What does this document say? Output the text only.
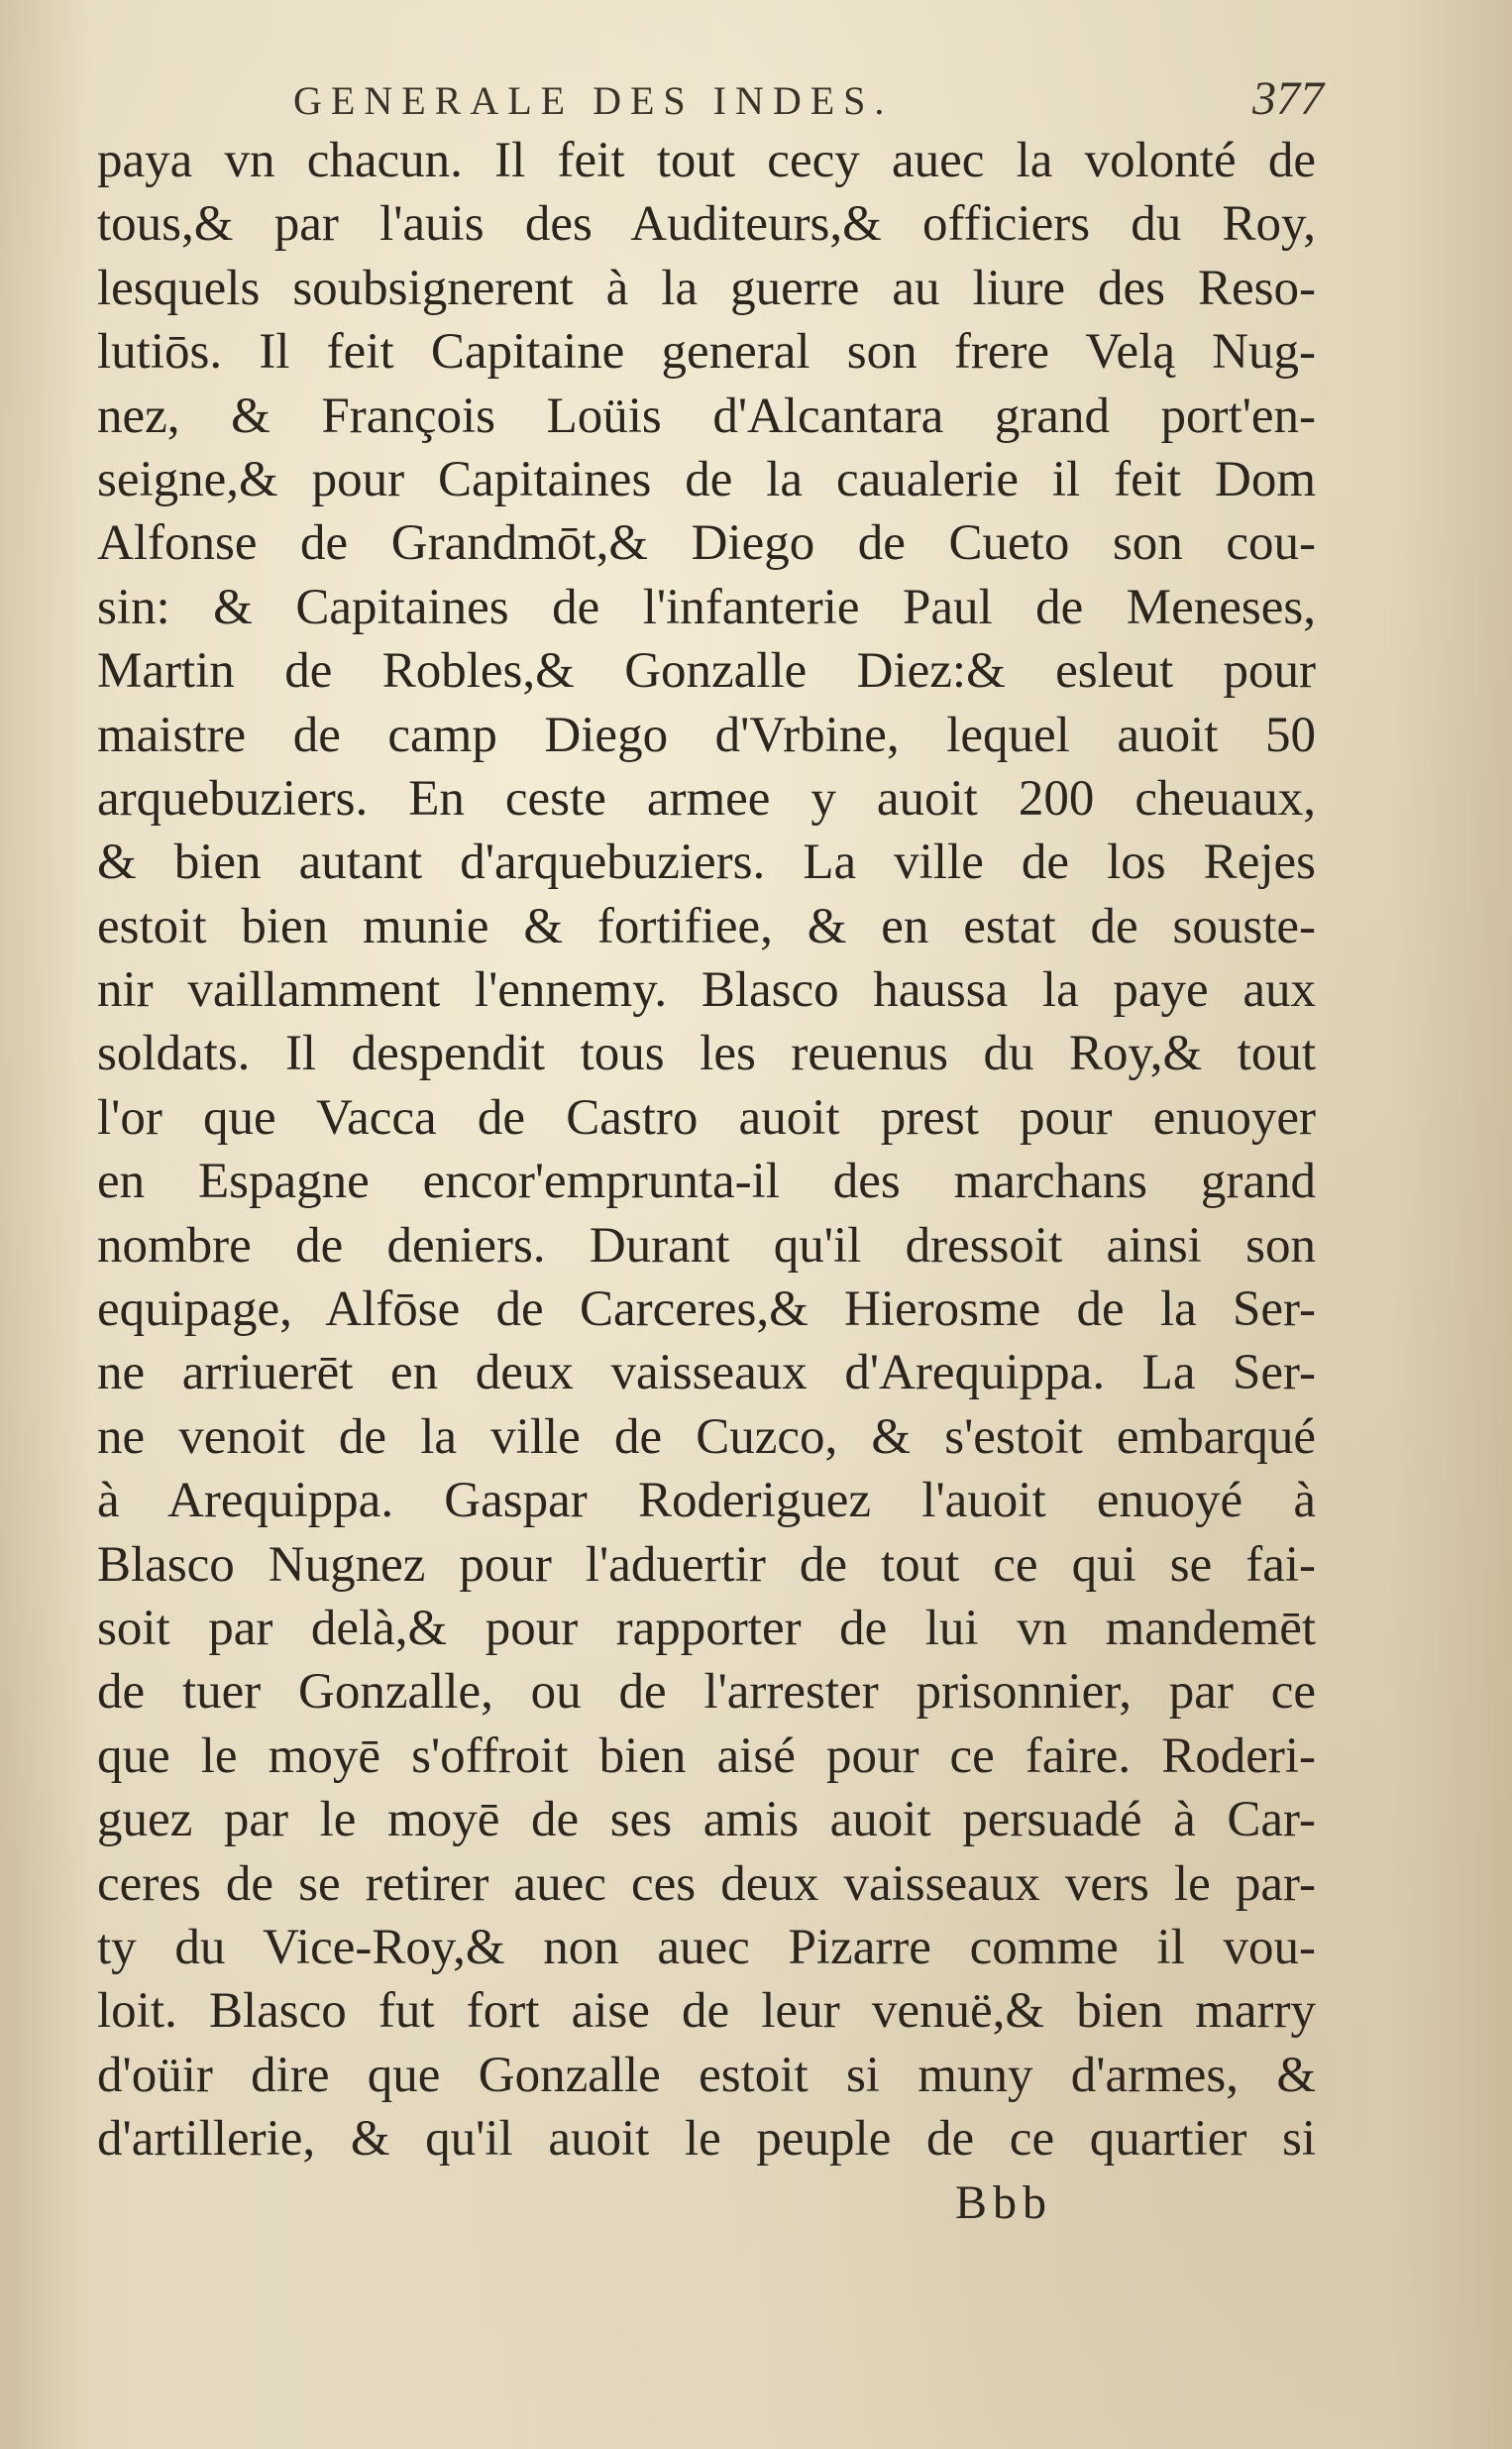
GENERALE DES INDES.	377
paya vn chacun. Il feit tout cecy auec la volonté de
tous,& par l'auis des Auditeurs,& officiers du Roy,
lesquels soubsignerent à la guerre au liure des Reso-
lutiōs. Il feit Capitaine general son frere Velą Nug-
nez, & François Loüis d'Alcantara grand port'en-
seigne,& pour Capitaines de la caualerie il feit Dom
Alfonse de Grandmōt,& Diego de Cueto son cou-
sin: & Capitaines de l'infanterie Paul de Meneses,
Martin de Robles,& Gonzalle Diez:& esleut pour
maistre de camp Diego d'Vrbine, lequel auoit 50
arquebuziers. En ceste armee y auoit 200 cheuaux,
& bien autant d'arquebuziers. La ville de los Rejes
estoit bien munie & fortifiee, & en estat de souste-
nir vaillamment l'ennemy. Blasco haussa la paye aux
soldats. Il despendit tous les reuenus du Roy,& tout
l'or que Vacca de Castro auoit prest pour enuoyer
en Espagne encor'emprunta-il des marchans grand
nombre de deniers. Durant qu'il dressoit ainsi son
equipage, Alfōse de Carceres,& Hierosme de la Ser-
ne arriuerēt en deux vaisseaux d'Arequippa. La Ser-
ne venoit de la ville de Cuzco, & s'estoit embarqué
à Arequippa. Gaspar Roderiguez l'auoit enuoyé à
Blasco Nugnez pour l'aduertir de tout ce qui se fai-
soit par delà,& pour rapporter de lui vn mandemēt
de tuer Gonzalle, ou de l'arrester prisonnier, par ce
que le moyē s'offroit bien aisé pour ce faire. Roderi-
guez par le moyē de ses amis auoit persuadé à Car-
ceres de se retirer auec ces deux vaisseaux vers le par-
ty du Vice-Roy,& non auec Pizarre comme il vou-
loit. Blasco fut fort aise de leur venuë,& bien marry
d'oüir dire que Gonzalle estoit si muny d'armes, &
d'artillerie, & qu'il auoit le peuple de ce quartier si
Bbb
